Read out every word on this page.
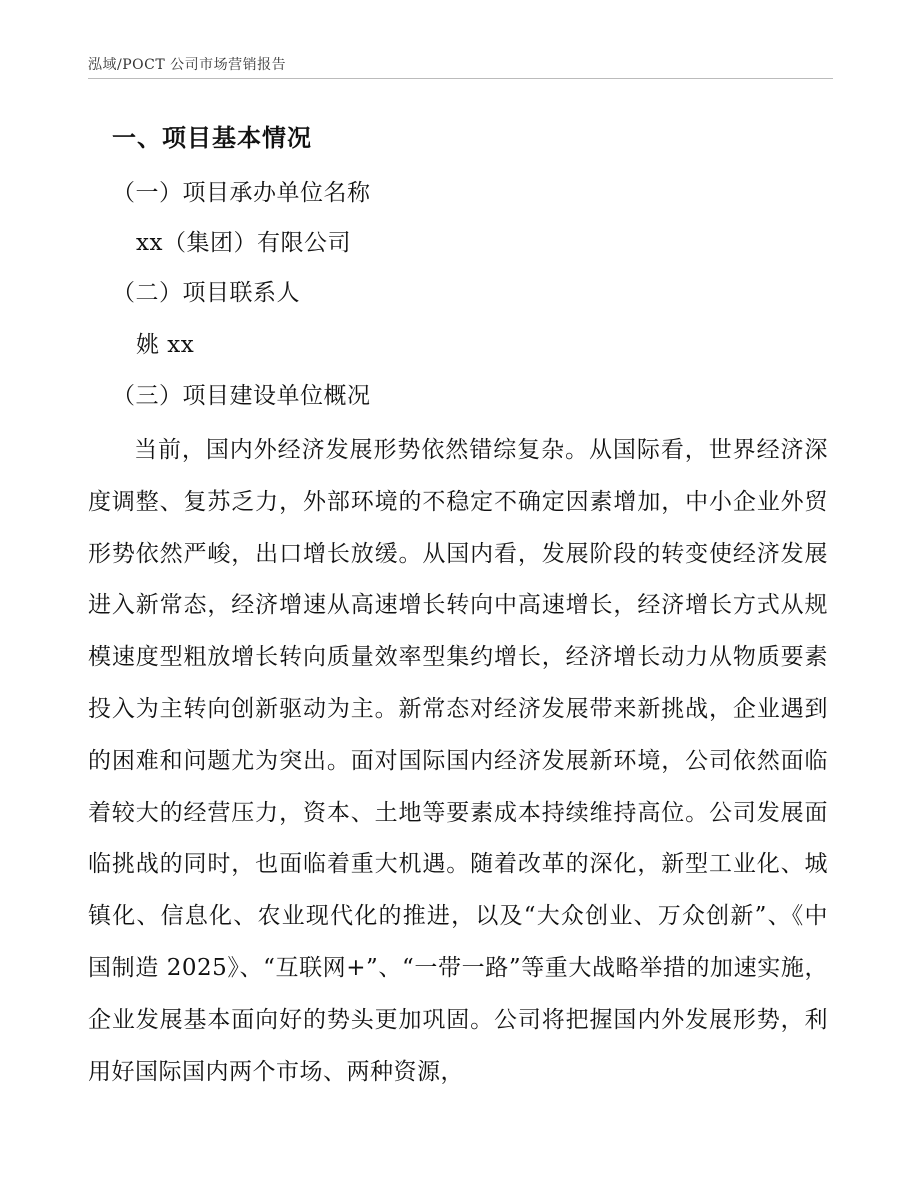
泓域/POCT 公司市场营销报告
一、项目基本情况
（一）项目承办单位名称
xx（集团）有限公司
（二）项目联系人
姚 xx
（三）项目建设单位概况
当前，国内外经济发展形势依然错综复杂。从国际看，世界经济深度调整、复苏乏力，外部环境的不稳定不确定因素增加，中小企业外贸形势依然严峻，出口增长放缓。从国内看，发展阶段的转变使经济发展进入新常态，经济增速从高速增长转向中高速增长，经济增长方式从规模速度型粗放增长转向质量效率型集约增长，经济增长动力从物质要素投入为主转向创新驱动为主。新常态对经济发展带来新挑战，企业遇到的困难和问题尤为突出。面对国际国内经济发展新环境，公司依然面临着较大的经营压力，资本、土地等要素成本持续维持高位。公司发展面临挑战的同时，也面临着重大机遇。随着改革的深化，新型工业化、城镇化、信息化、农业现代化的推进，以及“大众创业、万众创新”、《中国制造 2025》、“互联网+”、“一带一路”等重大战略举措的加速实施，企业发展基本面向好的势头更加巩固。公司将把握国内外发展形势，利用好国际国内两个市场、两种资源，
